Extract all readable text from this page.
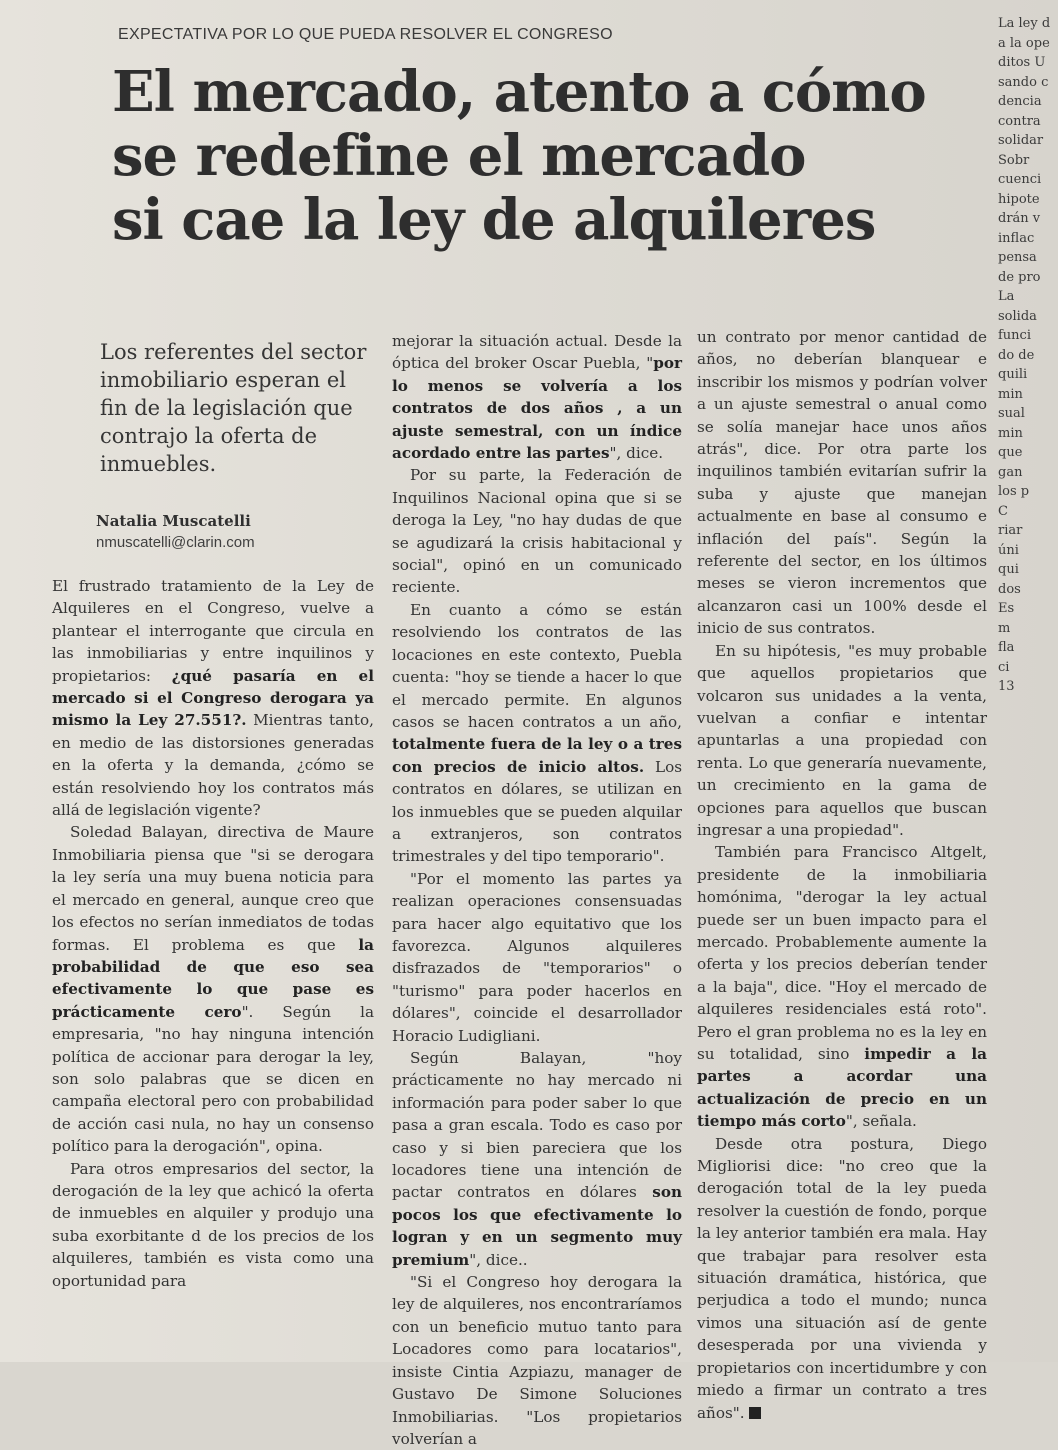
EXPECTATIVA POR LO QUE PUEDA RESOLVER EL CONGRESO
El mercado, atento a cómo
se redefine el mercado
si cae la ley de alquileres

Los referentes del sector inmobiliario esperan el fin de la legislación que contrajo la oferta de inmuebles.

Natalia Muscatelli
nmuscatelli@clarin.com

El frustrado tratamiento de la Ley de Alquileres en el Congreso, vuelve a plantear el interrogante que circula en las inmobiliarias y entre inquilinos y propietarios: ¿qué pasaría en el mercado si el Congreso derogara ya mismo la Ley 27.551?. Mientras tanto, en medio de las distorsiones generadas en la oferta y la demanda, ¿cómo se están resolviendo hoy los contratos más allá de legislación vigente?

Soledad Balayan, directiva de Maure Inmobiliaria piensa que "si se derogara la ley sería una muy buena noticia para el mercado en general, aunque creo que los efectos no serían inmediatos de todas formas. El problema es que la probabilidad de que eso sea efectivamente lo que pase es prácticamente cero". Según la empresaria, "no hay ninguna intención política de accionar para derogar la ley, son solo palabras que se dicen en campaña electoral pero con probabilidad de acción casi nula, no hay un consenso político para la derogación", opina.

Para otros empresarios del sector, la derogación de la ley que achicó la oferta de inmuebles en alquiler y produjo una suba exorbitante d de los precios de los alquileres, también es vista como una oportunidad para

mejorar la situación actual. Desde la óptica del broker Oscar Puebla, "por lo menos se volvería a los contratos de dos años , a un ajuste semestral, con un índice acordado entre las partes", dice.

Por su parte, la Federación de Inquilinos Nacional opina que si se deroga la Ley, "no hay dudas de que se agudizará la crisis habitacional y social", opinó en un comunicado reciente.

En cuanto a cómo se están resolviendo los contratos de las locaciones en este contexto, Puebla cuenta: "hoy se tiende a hacer lo que el mercado permite. En algunos casos se hacen contratos a un año, totalmente fuera de la ley o a tres con precios de inicio altos. Los contratos en dólares, se utilizan en los inmuebles que se pueden alquilar a extranjeros, son contratos trimestrales y del tipo temporario".

"Por el momento las partes ya realizan operaciones consensuadas para hacer algo equitativo que los favorezca. Algunos alquileres disfrazados de "temporarios" o "turismo" para poder hacerlos en dólares", coincide el desarrollador Horacio Ludigliani.

Según Balayan, "hoy prácticamente no hay mercado ni información para poder saber lo que pasa a gran escala. Todo es caso por caso y si bien pareciera que los locadores tiene una intención de pactar contratos en dólares son pocos los que efectivamente lo logran y en un segmento muy premium", dice..

"Si el Congreso hoy derogara la ley de alquileres, nos encontraríamos con un beneficio mutuo tanto para Locadores como para locatarios", insiste Cintia Azpiazu, manager de Gustavo De Simone Soluciones Inmobiliarias. "Los propietarios volverían a

un contrato por menor cantidad de años, no deberían blanquear e inscribir los mismos y podrían volver a un ajuste semestral o anual como se solía manejar hace unos años atrás", dice. Por otra parte los inquilinos también evitarían sufrir la suba y ajuste que manejan actualmente en base al consumo e inflación del país". Según la referente del sector, en los últimos meses se vieron incrementos que alcanzaron casi un 100% desde el inicio de sus contratos.

En su hipótesis, "es muy probable que aquellos propietarios que volcaron sus unidades a la venta, vuelvan a confiar e intentar apuntarlas a una propiedad con renta. Lo que generaría nuevamente, un crecimiento en la gama de opciones para aquellos que buscan ingresar a una propiedad".

También para Francisco Altgelt, presidente de la inmobiliaria homónima, "derogar la ley actual puede ser un buen impacto para el mercado. Probablemente aumente la oferta y los precios deberían tender a la baja", dice. "Hoy el mercado de alquileres residenciales está roto". Pero el gran problema no es la ley en su totalidad, sino impedir a la partes a acordar una actualización de precio en un tiempo más corto", señala.

Desde otra postura, Diego Migliorisi dice: "no creo que la derogación total de la ley pueda resolver la cuestión de fondo, porque la ley anterior también era mala. Hay que trabajar para resolver esta situación dramática, histórica, que perjudica a todo el mundo; nunca vimos una situación así de gente desesperada por una vivienda y propietarios con incertidumbre y con miedo a firmar un contrato a tres años".

La ley d
a la ope
ditos U
sando c
dencia
contra
solidar
Sobr
cuenci
hipote
drán v
inflac
pensa
de pro
La
solida
funci
do de
quili
min
sual
min
que
gan
los p
C
riar
úni
qui
dos
Es
m
fla
ci
13
